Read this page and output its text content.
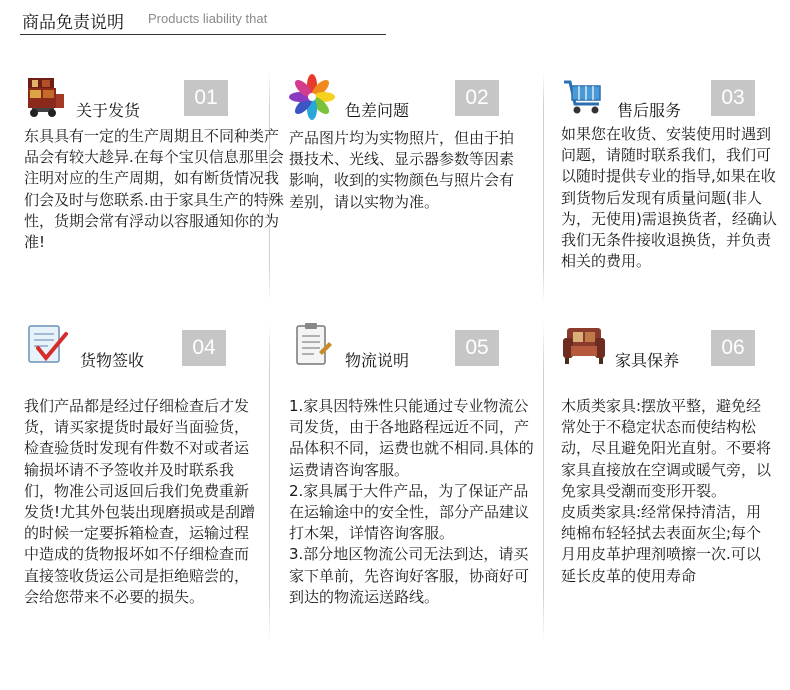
商品免责说明 Products liability that
关于发货
01

东具具有一定的生产周期且不同种类产品会有较大趁异.在每个宝贝信息那里会注明对应的生产周期，如有断货情况我们会及时与您联系.由于家具生产的特殊性，货期会常有浮动以容服通知你的为准!

色差问题
02

产品图片均为实物照片，但由于拍摄技术、光线、显示器参数等因素影响，收到的实物颜色与照片会有差别，请以实物为准。

售后服务
03

如果您在收货、安装使用时遇到问题，请随时联系我们，我们可以随时提供专业的指导,如果在收到货物后发现有质量问题(非人为，无使用)需退换货者，经确认我们无条件接收退换货，并负责相关的费用。

货物签收
04

我们产品都是经过仔细检查后才发货，请买家提货时最好当面验货，检查验货时发现有件数不对或者运输损坏请不予签收并及时联系我们，物准公司返回后我们免费重新发货!尤其外包装出现磨损或是刮蹭的时候一定要拆箱检查，运输过程中造成的货物报坏如不仔细检查而直接签收货运公司是拒绝赔尝的，会给您带来不必要的损失。

物流说明
05

1.家具因特殊性只能通过专业物流公司发货，由于各地路程远近不同，产品体积不同，运费也就不相同.具体的运费请咨询客服。

2.家具属于大件产品，为了保证产品在运输途中的安全性，部分产品建议打木架，详情咨询客服。

3.部分地区物流公司无法到达，请买家下单前，先咨询好客服，协商好可到达的物流运送路线。

家具保养
06

木质类家具:摆放平整，避免经常处于不稳定状态而使结构松动，尽且避免阳光直射。不要将家具直接放在空调或暖气旁，以免家具受潮而变形开裂。

皮质类家具:经常保持清洁，用纯棉布轻轻拭去表面灰尘;每个月用皮革护理剂喷擦一次.可以延长皮革的使用寿命
